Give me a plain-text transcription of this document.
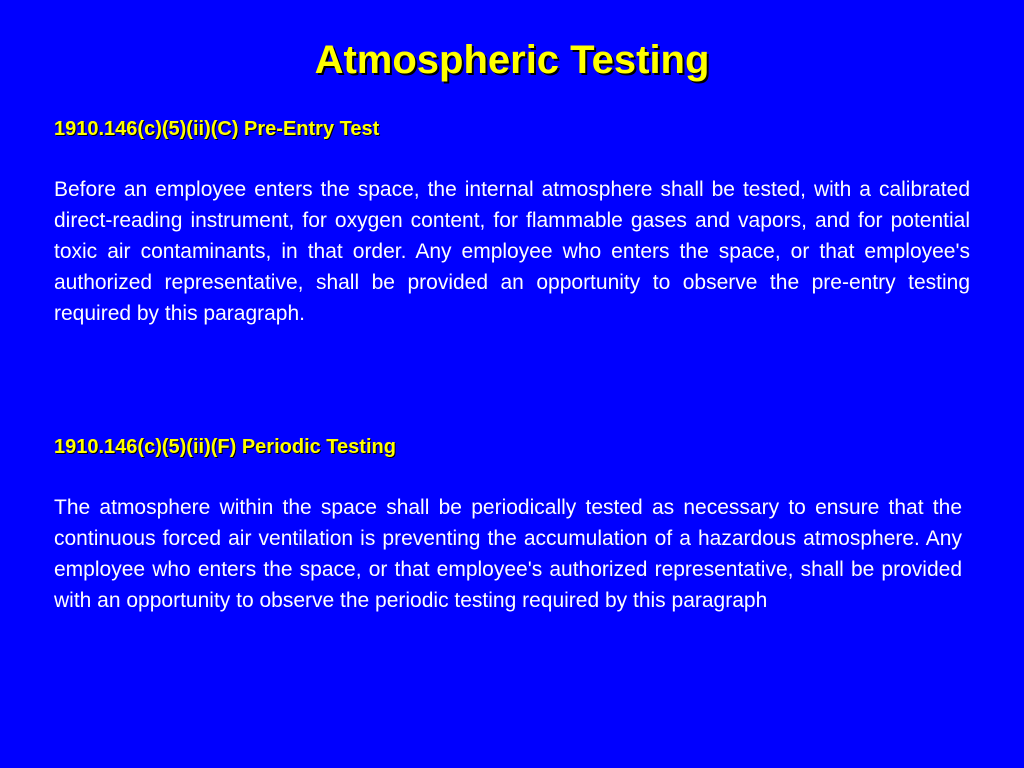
Atmospheric Testing
1910.146(c)(5)(ii)(C) Pre-Entry Test

Before an employee enters the space, the internal atmosphere shall be tested, with a calibrated direct-reading instrument, for oxygen content, for flammable gases and vapors, and for potential toxic air contaminants, in that order. Any employee who enters the space, or that employee's authorized representative, shall be provided an opportunity to observe the pre-entry testing required by this paragraph.

1910.146(c)(5)(ii)(F) Periodic Testing

The atmosphere within the space shall be periodically tested as necessary to ensure that the continuous forced air ventilation is preventing the accumulation of a hazardous atmosphere. Any employee who enters the space, or that employee's authorized representative, shall be provided with an opportunity to observe the periodic testing required by this paragraph
